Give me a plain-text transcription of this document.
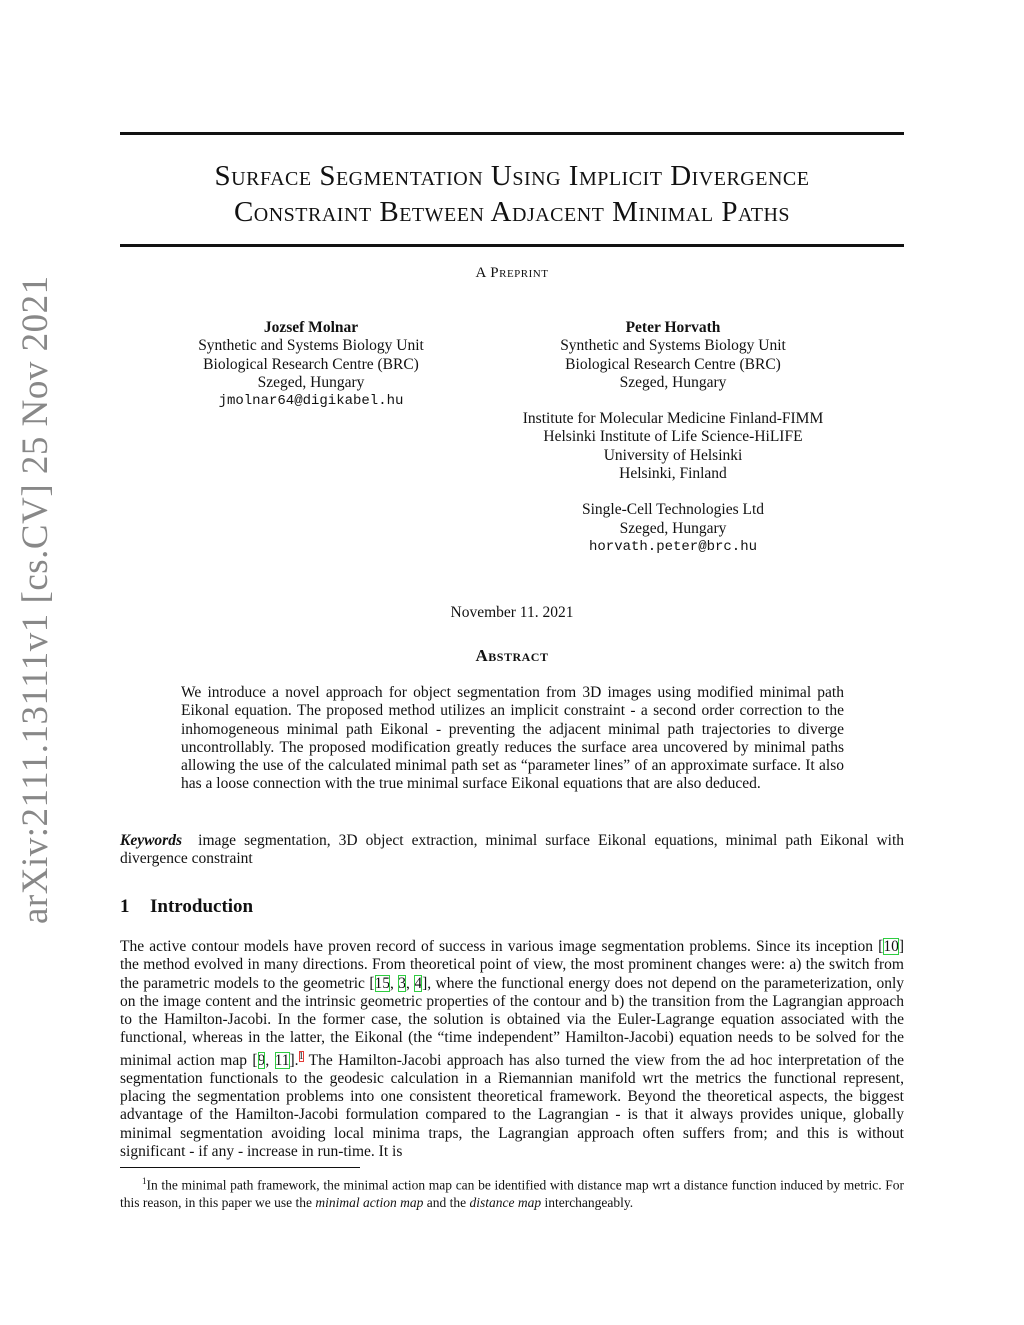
arXiv:2111.13111v1 [cs.CV] 25 Nov 2021
Surface Segmentation Using Implicit Divergence
Constraint Between Adjacent Minimal Paths
A Preprint
Jozsef Molnar
Synthetic and Systems Biology Unit
Biological Research Centre (BRC)
Szeged, Hungary
jmolnar64@digikabel.hu
Peter Horvath
Synthetic and Systems Biology Unit
Biological Research Centre (BRC)
Szeged, Hungary
Institute for Molecular Medicine Finland-FIMM
Helsinki Institute of Life Science-HiLIFE
University of Helsinki
Helsinki, Finland
Single-Cell Technologies Ltd
Szeged, Hungary
horvath.peter@brc.hu
November 11. 2021
Abstract
We introduce a novel approach for object segmentation from 3D images using modified minimal path Eikonal equation. The proposed method utilizes an implicit constraint - a second order correction to the inhomogeneous minimal path Eikonal - preventing the adjacent minimal path trajectories to diverge uncontrollably. The proposed modification greatly reduces the surface area uncovered by minimal paths allowing the use of the calculated minimal path set as “parameter lines” of an approximate surface. It also has a loose connection with the true minimal surface Eikonal equations that are also deduced.
Keywords image segmentation, 3D object extraction, minimal surface Eikonal equations, minimal path Eikonal with divergence constraint
1 Introduction
The active contour models have proven record of success in various image segmentation problems. Since its inception [10] the method evolved in many directions. From theoretical point of view, the most prominent changes were: a) the switch from the parametric models to the geometric [15, 3, 4], where the functional energy does not depend on the parameterization, only on the image content and the intrinsic geometric properties of the contour and b) the transition from the Lagrangian approach to the Hamilton-Jacobi. In the former case, the solution is obtained via the Euler-Lagrange equation associated with the functional, whereas in the latter, the Eikonal (the “time independent” Hamilton-Jacobi) equation needs to be solved for the minimal action map [9, 11].$^1$ The Hamilton-Jacobi approach has also turned the view from the ad hoc interpretation of the segmentation functionals to the geodesic calculation in a Riemannian manifold wrt the metrics the functional represent, placing the segmentation problems into one consistent theoretical framework. Beyond the theoretical aspects, the biggest advantage of the Hamilton-Jacobi formulation compared to the Lagrangian - is that it always provides unique, globally minimal segmentation avoiding local minima traps, the Lagrangian approach often suffers from; and this is without significant - if any - increase in run-time. It is
$^1$In the minimal path framework, the minimal action map can be identified with distance map wrt a distance function induced by metric. For this reason, in this paper we use the minimal action map and the distance map interchangeably.
